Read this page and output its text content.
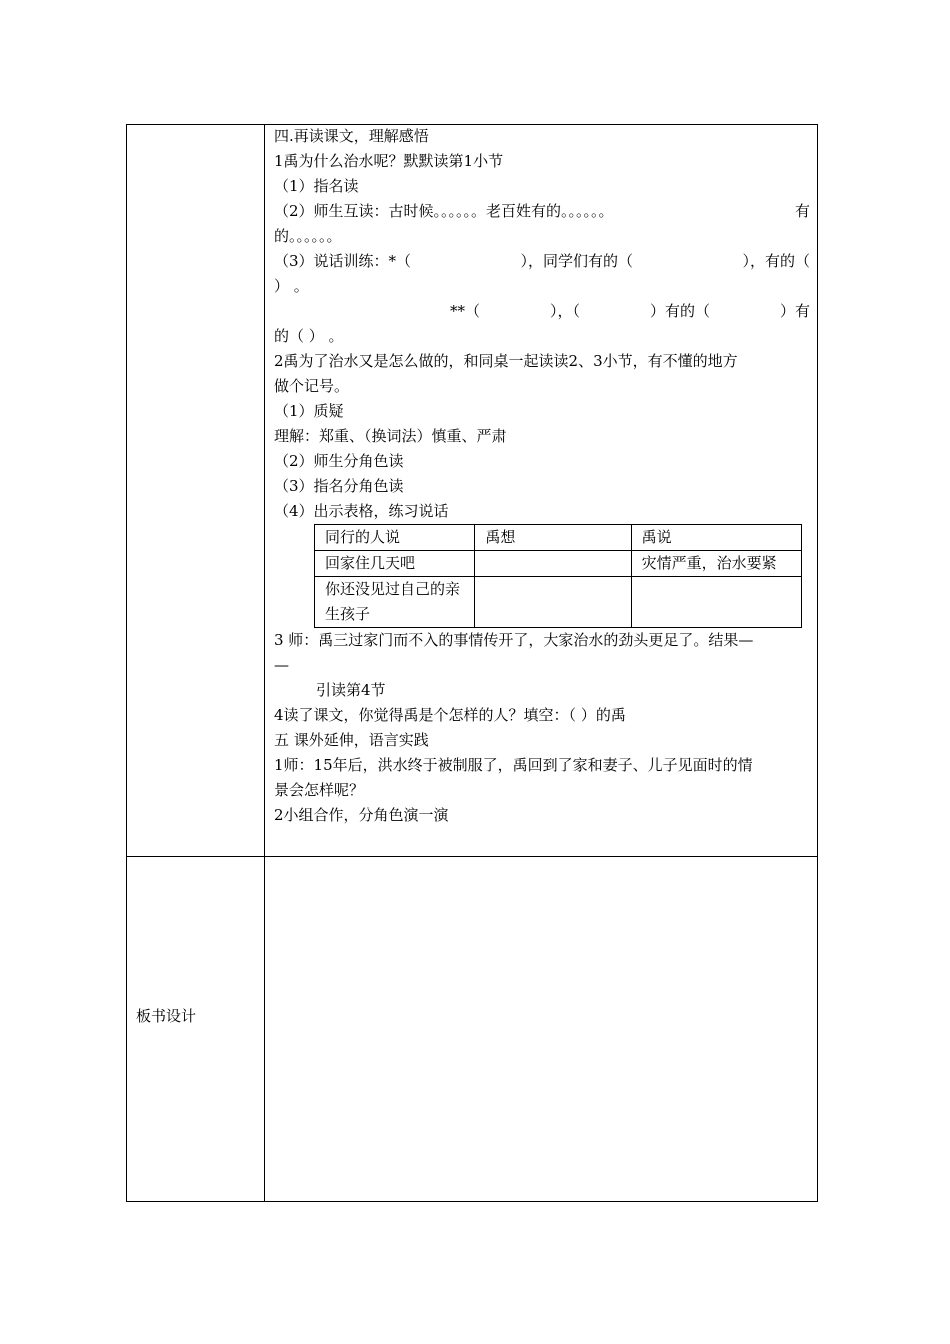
四.再读课文，理解感悟
1禹为什么治水呢？默默读第1小节
（1）指名读
（2）师生互读：古时候。。。。。。老百姓有的。。。。。。	有
的。。。。。。
（3）说话训练：*（	），同学们有的（	），有的（
） 。
**（	），（	）有的（	）有
的（ ） 。
2禹为了治水又是怎么做的，和同桌一起读读2、3小节，有不懂的地方
做个记号。
（1）质疑
理解：郑重、（换词法）慎重、严肃
（2）师生分角色读
（3）指名分角色读
（4）出示表格，练习说话
同行的人说	禹想	禹说
回家住几天吧		灾情严重，治水要紧
你还没见过自己的亲生孩子		
3 师：禹三过家门而不入的事情传开了，大家治水的劲头更足了。结果—
—
引读第4节
4读了课文，你觉得禹是个怎样的人？填空：（ ）的禹
五 课外延伸，语言实践
1师：15年后，洪水终于被制服了，禹回到了家和妻子、儿子见面时的情
景会怎样呢？
2小组合作，分角色演一演
板书设计
